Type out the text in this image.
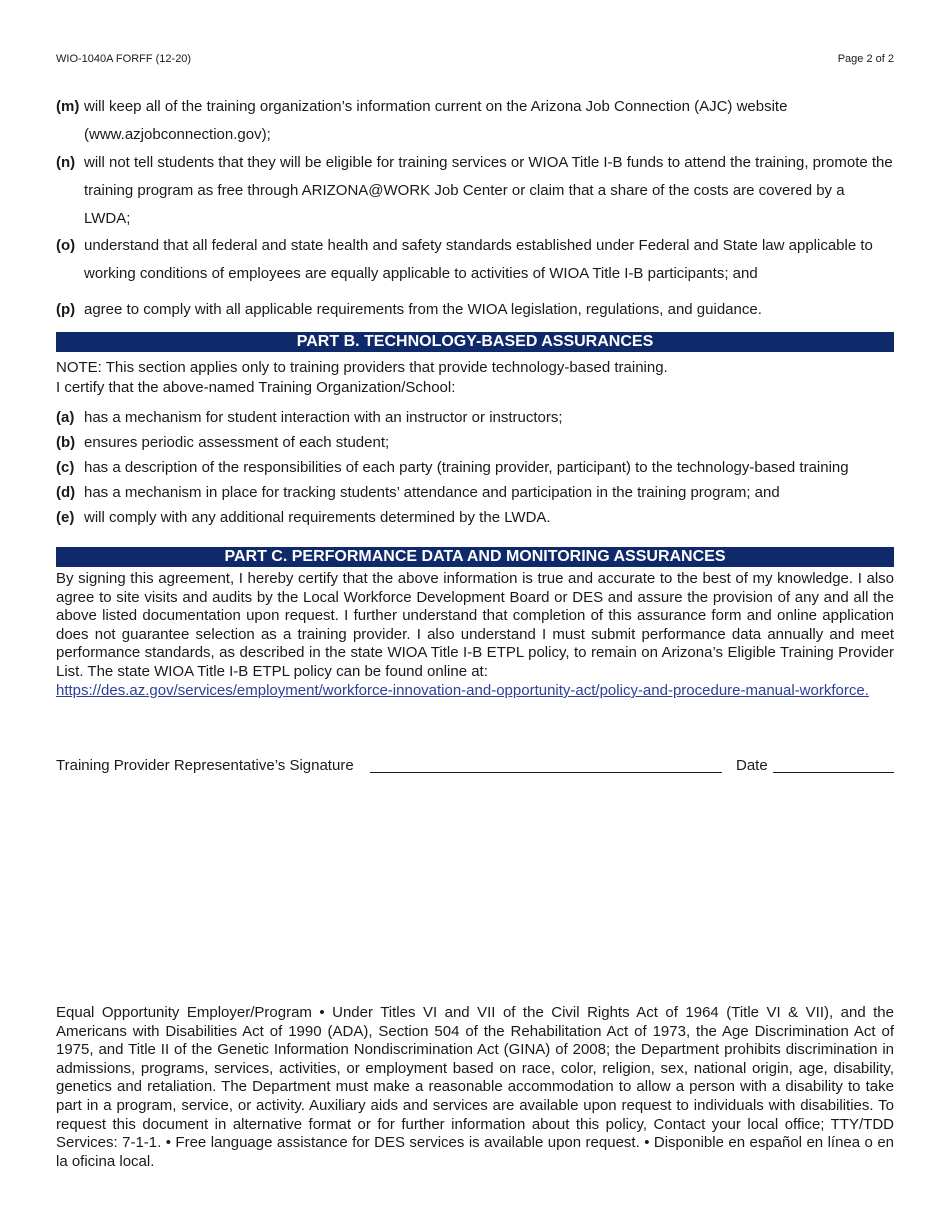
WIO-1040A FORFF (12-20)	Page 2 of 2
(m) will keep all of the training organization’s information current on the Arizona Job Connection (AJC) website (www.azjobconnection.gov);
(n) will not tell students that they will be eligible for training services or WIOA Title I-B funds to attend the training, promote the training program as free through ARIZONA@WORK Job Center or claim that a share of the costs are covered by a LWDA;
(o) understand that all federal and state health and safety standards established under Federal and State law applicable to working conditions of employees are equally applicable to activities of WIOA Title I-B participants; and
(p) agree to comply with all applicable requirements from the WIOA legislation, regulations, and guidance.
PART B. TECHNOLOGY-BASED ASSURANCES
NOTE: This section applies only to training providers that provide technology-based training.
I certify that the above-named Training Organization/School:
(a) has a mechanism for student interaction with an instructor or instructors;
(b) ensures periodic assessment of each student;
(c) has a description of the responsibilities of each party (training provider, participant) to the technology-based training
(d) has a mechanism in place for tracking students’ attendance and participation in the training program; and
(e) will comply with any additional requirements determined by the LWDA.
PART C. PERFORMANCE DATA AND MONITORING ASSURANCES
By signing this agreement, I hereby certify that the above information is true and accurate to the best of my knowledge. I also agree to site visits and audits by the Local Workforce Development Board or DES and assure the provision of any and all the above listed documentation upon request. I further understand that completion of this assurance form and online application does not guarantee selection as a training provider. I also understand I must submit performance data annually and meet performance standards, as described in the state WIOA Title I-B ETPL policy, to remain on Arizona’s Eligible Training Provider List. The state WIOA Title I-B ETPL policy can be found online at:
https://des.az.gov/services/employment/workforce-innovation-and-opportunity-act/policy-and-procedure-manual-workforce.
Training Provider Representative’s Signature	Date
Equal Opportunity Employer/Program • Under Titles VI and VII of the Civil Rights Act of 1964 (Title VI & VII), and the Americans with Disabilities Act of 1990 (ADA), Section 504 of the Rehabilitation Act of 1973, the Age Discrimination Act of 1975, and Title II of the Genetic Information Nondiscrimination Act (GINA) of 2008; the Department prohibits discrimination in admissions, programs, services, activities, or employment based on race, color, religion, sex, national origin, age, disability, genetics and retaliation. The Department must make a reasonable accommodation to allow a person with a disability to take part in a program, service, or activity. Auxiliary aids and services are available upon request to individuals with disabilities. To request this document in alternative format or for further information about this policy, Contact your local office; TTY/TDD Services: 7-1-1. • Free language assistance for DES services is available upon request. • Disponible en español en línea o en la oficina local.
